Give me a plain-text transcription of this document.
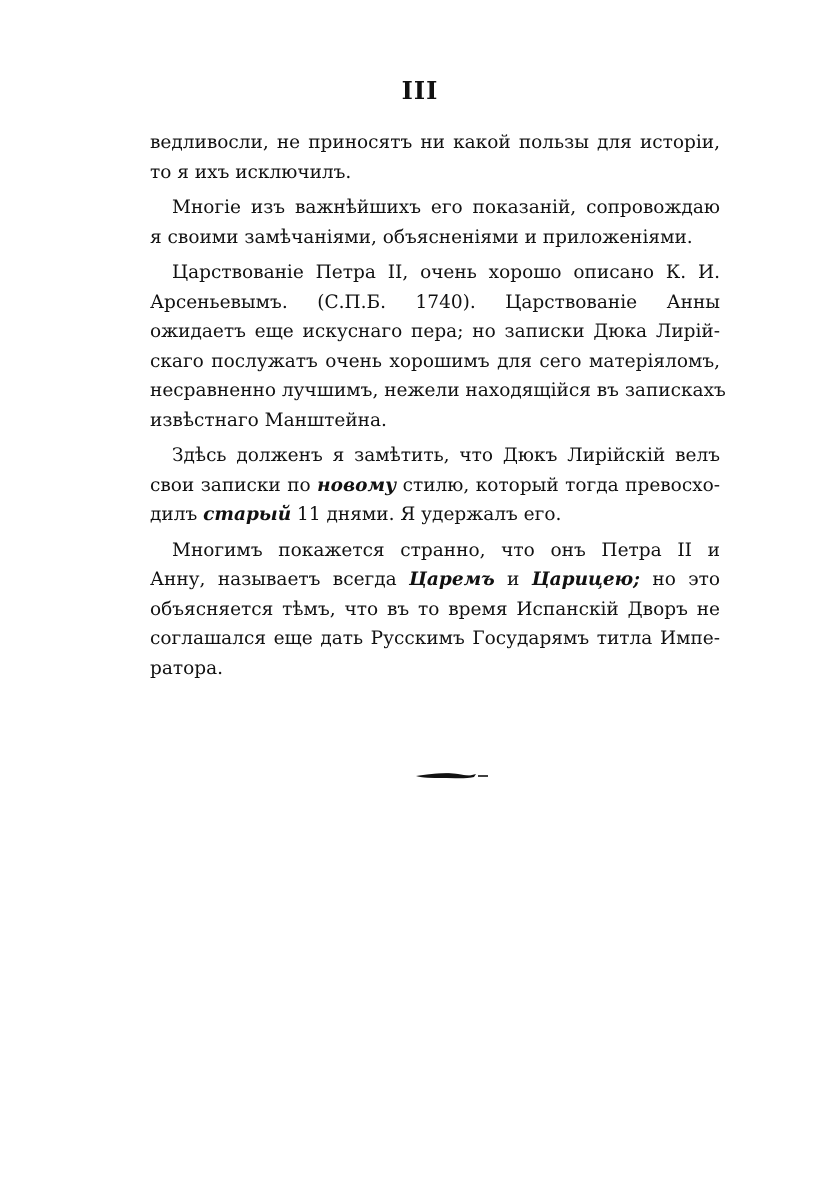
III
ведливосли, не приносятъ ни какой пользы для исторіи,
то я ихъ исключилъ.
Многіе изъ важнѣйшихъ его показаній, сопровождаю
я своими замѣчаніями, объясненіями и приложеніями.
Царствованіе Петра II, очень хорошо описано К. И.
Арсеньевымъ. (С.П.Б. 1740). Царствованіе Анны
ожидаетъ еще искуснаго пера; но записки Дюка Лирій-
скаго послужатъ очень хорошимъ для сего матеріяломъ,
несравненно лучшимъ, нежели находящійся въ запискахъ
извѣстнаго Манштейна.
Здѣсь долженъ я замѣтить, что Дюкъ Лирійскій велъ
свои записки по новому стилю, который тогда превосхо-
дилъ старый 11 днями. Я удержалъ его.
Многимъ покажется странно, что онъ Петра II и
Анну, называетъ всегда Царемъ и Царицею; но это
объясняется тѣмъ, что въ то время Испанскій Дворъ не
соглашался еще дать Русскимъ Государямъ титла Импе-
ратора.
